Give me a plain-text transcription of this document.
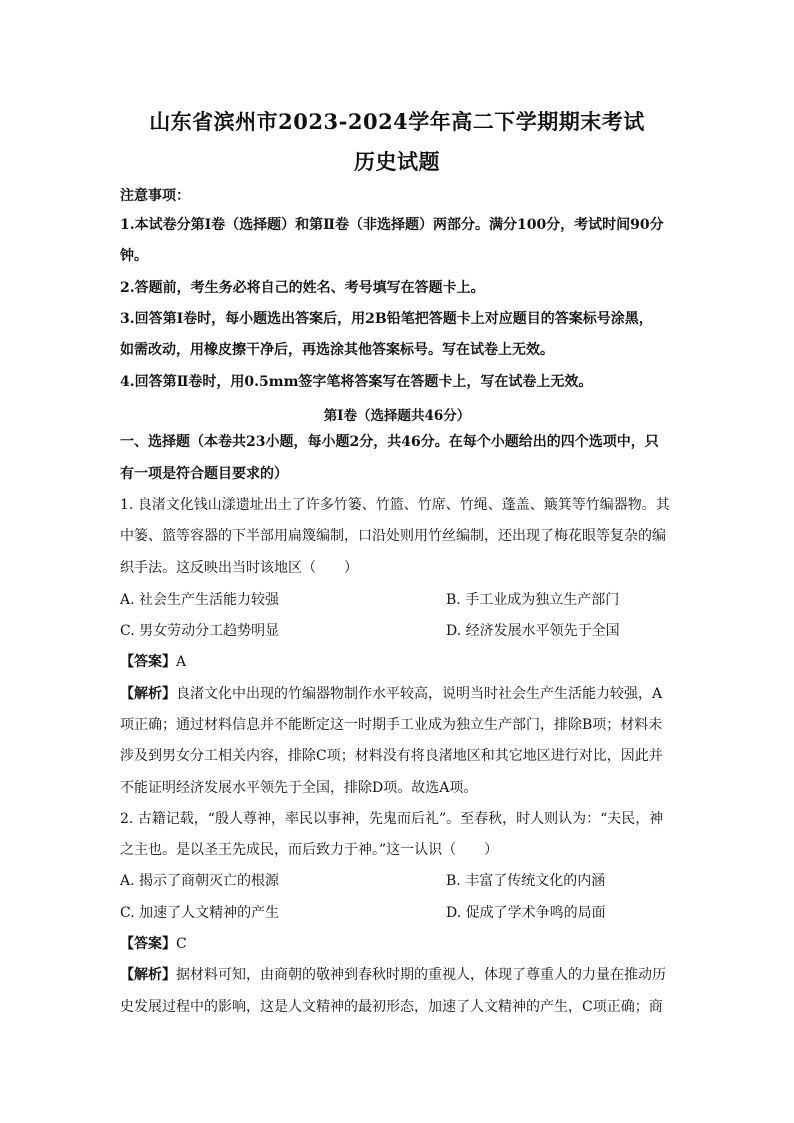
山东省滨州市2023-2024学年高二下学期期末考试
历史试题
注意事项：
1.本试卷分第Ⅰ卷（选择题）和第Ⅱ卷（非选择题）两部分。满分100分，考试时间90分
钟。
2.答题前，考生务必将自己的姓名、考号填写在答题卡上。
3.回答第Ⅰ卷时，每小题选出答案后，用2B铅笔把答题卡上对应题目的答案标号涂黑，
如需改动，用橡皮擦干净后，再选涂其他答案标号。写在试卷上无效。
4.回答第Ⅱ卷时，用0.5mm签字笔将答案写在答题卡上，写在试卷上无效。
第Ⅰ卷（选择题共46分）
一、选择题（本卷共23小题，每小题2分，共46分。在每个小题给出的四个选项中，只
有一项是符合题目要求的）
1. 良渚文化钱山漾遗址出土了许多竹篓、竹篮、竹席、竹绳、蓬盖、簸箕等竹编器物。其
中篓、篮等容器的下半部用扁篾编制，口沿处则用竹丝编制，还出现了梅花眼等复杂的编
织手法。这反映出当时该地区（　　）
A. 社会生产生活能力较强	B. 手工业成为独立生产部门
C. 男女劳动分工趋势明显	D. 经济发展水平领先于全国
【答案】A
【解析】良渚文化中出现的竹编器物制作水平较高，说明当时社会生产生活能力较强，A
项正确；通过材料信息并不能断定这一时期手工业成为独立生产部门，排除B项；材料未
涉及到男女分工相关内容，排除C项；材料没有将良渚地区和其它地区进行对比，因此并
不能证明经济发展水平领先于全国，排除D项。故选A项。
2. 古籍记载，“殷人尊神，率民以事神，先鬼而后礼”。至春秋，时人则认为：“夫民，神
之主也。是以圣王先成民，而后致力于神。”这一认识（　　）
A. 揭示了商朝灭亡的根源	B. 丰富了传统文化的内涵
C. 加速了人文精神的产生	D. 促成了学术争鸣的局面
【答案】C
【解析】据材料可知，由商朝的敬神到春秋时期的重视人，体现了尊重人的力量在推动历
史发展过程中的影响，这是人文精神的最初形态，加速了人文精神的产生，C项正确；商
